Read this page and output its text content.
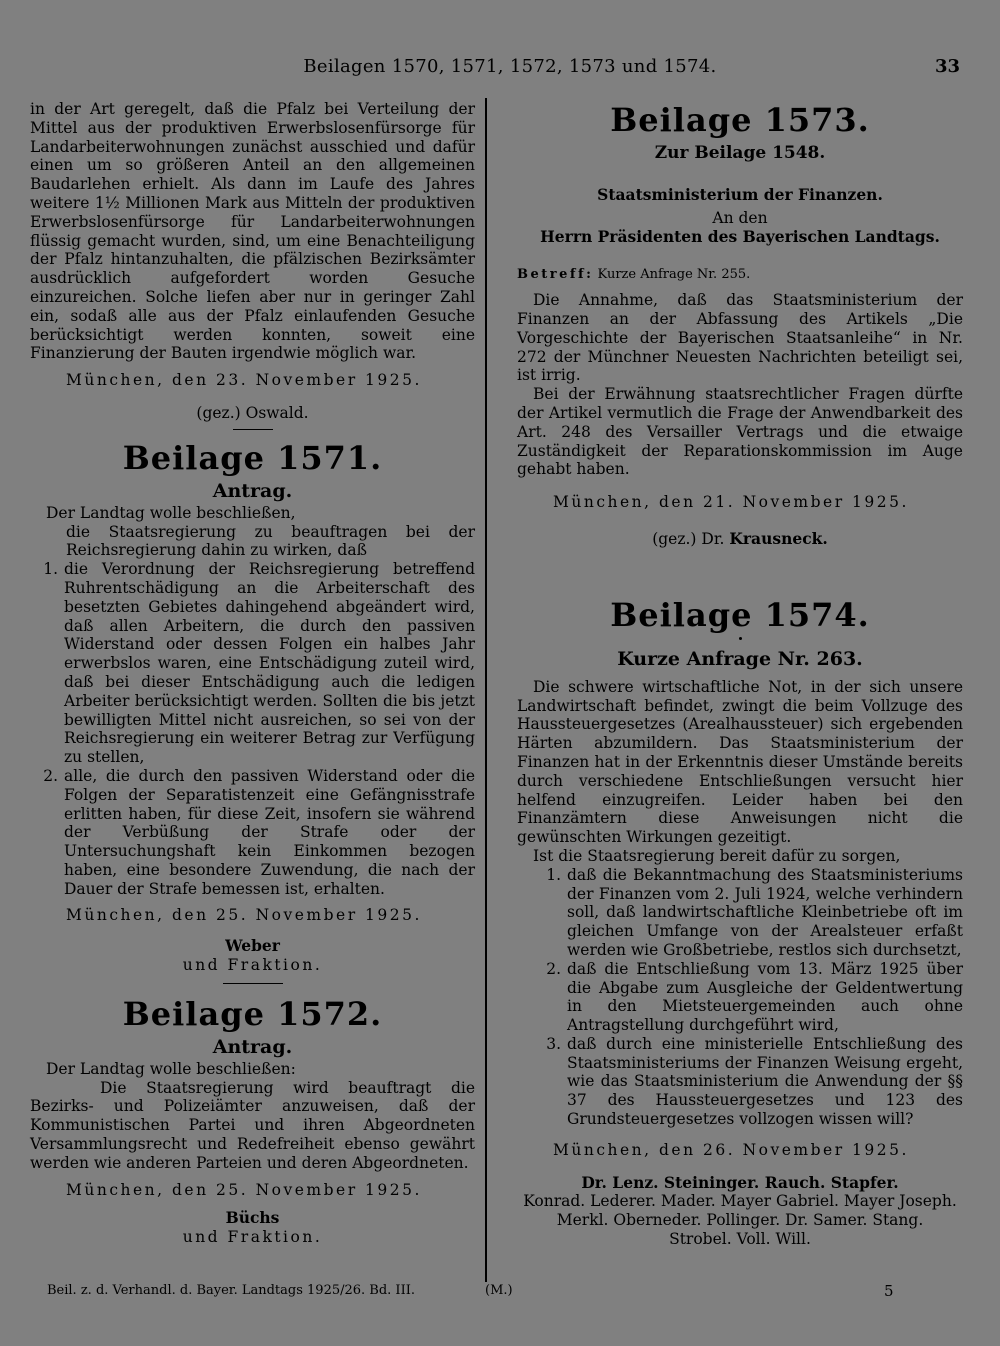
Beilagen 1570, 1571, 1572, 1573 und 1574.	33

in der Art geregelt, daß die Pfalz bei Verteilung der Mittel aus der produktiven Erwerbslosenfürsorge für Landarbeiterwohnungen zunächst ausschied und dafür einen um so größeren Anteil an den allgemeinen Baudarlehen erhielt. Als dann im Laufe des Jahres weitere 1½ Millionen Mark aus Mitteln der produktiven Erwerbslosenfürsorge für Landarbeiterwohnungen flüssig gemacht wurden, sind, um eine Benachteiligung der Pfalz hintanzuhalten, die pfälzischen Bezirksämter ausdrücklich aufgefordert worden Gesuche einzureichen. Solche liefen aber nur in geringer Zahl ein, sodaß alle aus der Pfalz einlaufenden Gesuche berücksichtigt werden konnten, soweit eine Finanzierung der Bauten irgendwie möglich war.

München, den 23. November 1925.

(gez.) Oswald.

Beilage 1571.

Antrag.

Der Landtag wolle beschließen,

die Staatsregierung zu beauftragen bei der Reichsregierung dahin zu wirken, daß

1. die Verordnung der Reichsregierung betreffend Ruhrentschädigung an die Arbeiterschaft des besetzten Gebietes dahingehend abgeändert wird, daß allen Arbeitern, die durch den passiven Widerstand oder dessen Folgen ein halbes Jahr erwerbslos waren, eine Entschädigung zuteil wird, daß bei dieser Entschädigung auch die ledigen Arbeiter berücksichtigt werden. Sollten die bis jetzt bewilligten Mittel nicht ausreichen, so sei von der Reichsregierung ein weiterer Betrag zur Verfügung zu stellen,
2. alle, die durch den passiven Widerstand oder die Folgen der Separatistenzeit eine Gefängnisstrafe erlitten haben, für diese Zeit, insofern sie während der Verbüßung der Strafe oder der Untersuchungshaft kein Einkommen bezogen haben, eine besondere Zuwendung, die nach der Dauer der Strafe bemessen ist, erhalten.

München, den 25. November 1925.

Weber

und Fraktion.

Beilage 1572.

Antrag.

Der Landtag wolle beschließen:

Die Staatsregierung wird beauftragt die Bezirks- und Polizeiämter anzuweisen, daß der Kommunistischen Partei und ihren Abgeordneten Versammlungsrecht und Redefreiheit ebenso gewährt werden wie anderen Parteien und deren Abgeordneten.

München, den 25. November 1925.

Büchs

und Fraktion.

Beilage 1573.

Zur Beilage 1548.

Staatsministerium der Finanzen.

An den

Herrn Präsidenten des Bayerischen Landtags.

Betreff: Kurze Anfrage Nr. 255.

Die Annahme, daß das Staatsministerium der Finanzen an der Abfassung des Artikels „Die Vorgeschichte der Bayerischen Staatsanleihe“ in Nr. 272 der Münchner Neuesten Nachrichten beteiligt sei, ist irrig.

Bei der Erwähnung staatsrechtlicher Fragen dürfte der Artikel vermutlich die Frage der Anwendbarkeit des Art. 248 des Versailler Vertrags und die etwaige Zuständigkeit der Reparationskommission im Auge gehabt haben.

München, den 21. November 1925.

(gez.) Dr. Krausneck.

Beilage 1574.

Kurze Anfrage Nr. 263.

Die schwere wirtschaftliche Not, in der sich unsere Landwirtschaft befindet, zwingt die beim Vollzuge des Haussteuergesetzes (Arealhaussteuer) sich ergebenden Härten abzumildern. Das Staatsministerium der Finanzen hat in der Erkenntnis dieser Umstände bereits durch verschiedene Entschließungen versucht hier helfend einzugreifen. Leider haben bei den Finanzämtern diese Anweisungen nicht die gewünschten Wirkungen gezeitigt.

Ist die Staatsregierung bereit dafür zu sorgen,

1. daß die Bekanntmachung des Staatsministeriums der Finanzen vom 2. Juli 1924, welche verhindern soll, daß landwirtschaftliche Kleinbetriebe oft im gleichen Umfange von der Arealsteuer erfaßt werden wie Großbetriebe, restlos sich durchsetzt,
2. daß die Entschließung vom 13. März 1925 über die Abgabe zum Ausgleiche der Geldentwertung in den Mietsteuergemeinden auch ohne Antragstellung durchgeführt wird,
3. daß durch eine ministerielle Entschließung des Staatsministeriums der Finanzen Weisung ergeht, wie das Staatsministerium die Anwendung der §§ 37 des Haussteuergesetzes und 123 des Grundsteuergesetzes vollzogen wissen will?

München, den 26. November 1925.

Dr. Lenz. Steininger. Rauch. Stapfer.

Konrad. Lederer. Mader. Mayer Gabriel. Mayer Joseph.

Merkl. Oberneder. Pollinger. Dr. Samer. Stang.

Strobel. Voll. Will.

Beil. z. d. Verhandl. d. Bayer. Landtags 1925/26. Bd. III.	(M.)	5
